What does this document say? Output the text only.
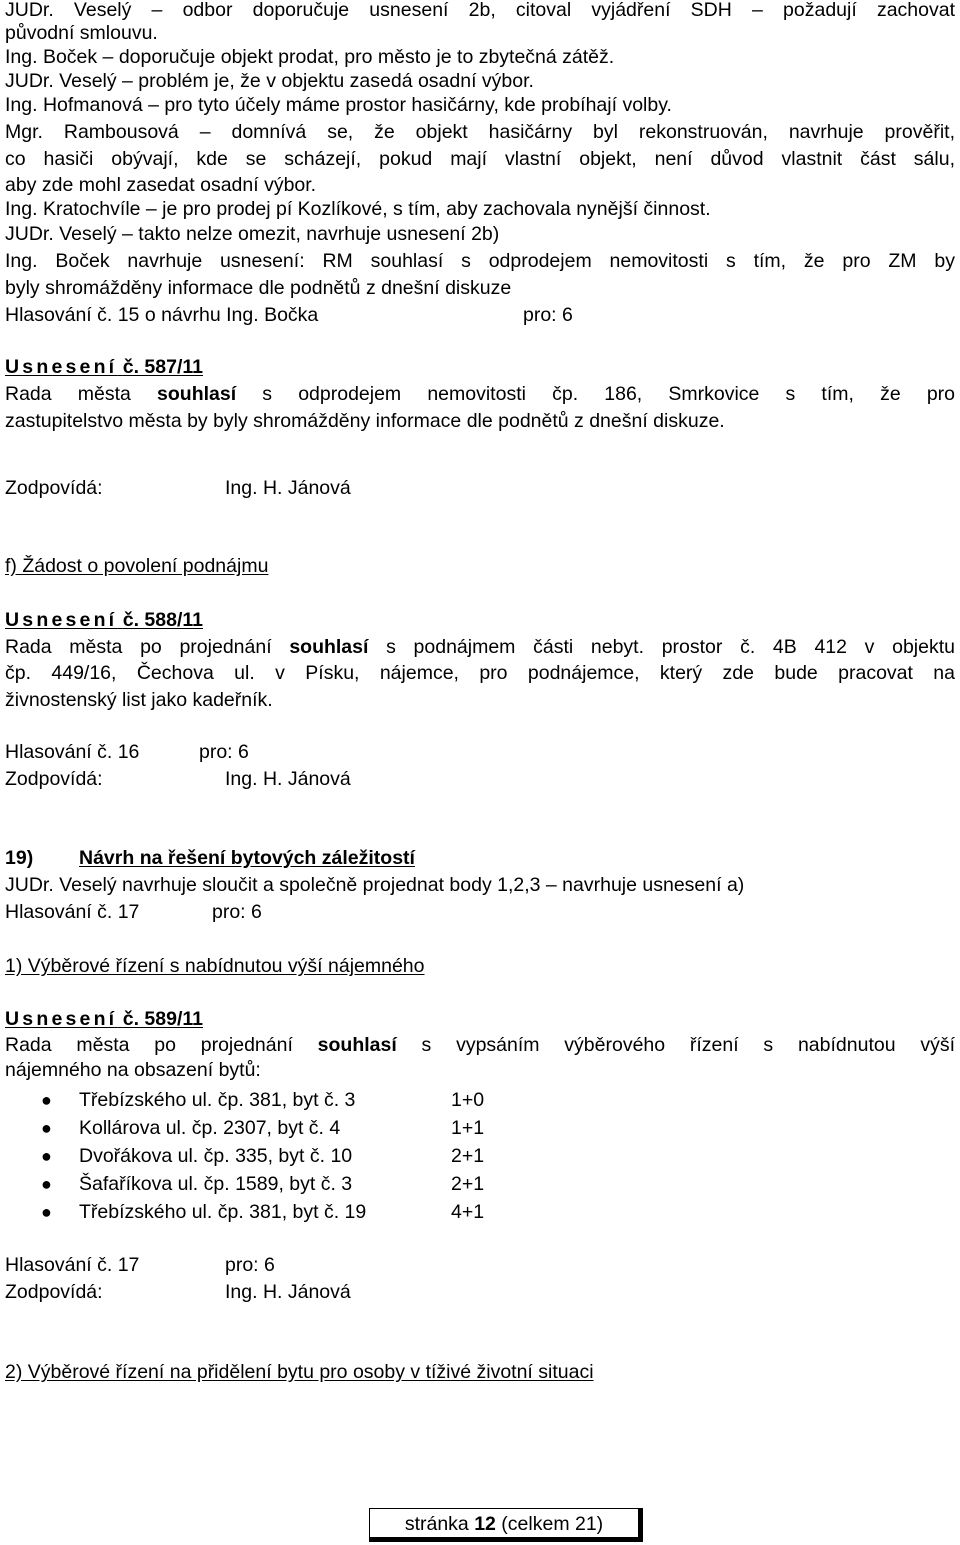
JUDr. Veselý – odbor doporučuje usnesení 2b, citoval vyjádření SDH – požadují zachovat
původní smlouvu.
Ing. Boček – doporučuje objekt prodat, pro město je to zbytečná zátěž.
JUDr. Veselý – problém je, že v objektu zasedá osadní výbor.
Ing. Hofmanová – pro tyto účely máme prostor hasičárny, kde probíhají volby.
Mgr. Rambousová – domnívá se, že objekt hasičárny byl rekonstruován, navrhuje prověřit,
co hasiči obývají, kde se scházejí, pokud mají vlastní objekt, není důvod vlastnit část sálu,
aby zde mohl zasedat osadní výbor.
Ing. Kratochvíle – je pro prodej pí Kozlíkové, s tím, aby zachovala nynější činnost.
JUDr. Veselý – takto nelze omezit, navrhuje usnesení 2b)
Ing. Boček navrhuje usnesení: RM souhlasí s odprodejem nemovitosti s tím, že pro ZM by
byly shromážděny informace dle podnětů z dnešní diskuze
Hlasování č. 15 o návrhu Ing. Bočka	pro: 6
Usnesení č. 587/11
Rada města souhlasí s odprodejem nemovitosti čp. 186, Smrkovice s tím, že pro
zastupitelstvo města by byly shromážděny informace dle podnětů z dnešní diskuze.
Zodpovídá:	Ing. H. Jánová
f) Žádost o povolení podnájmu
Usnesení č. 588/11
Rada města po projednání souhlasí s podnájmem části nebyt. prostor č. 4B 412 v objektu
čp. 449/16, Čechova ul. v Písku, nájemce, pro podnájemce, který zde bude pracovat na
živnostenský list jako kadeřník.
Hlasování č. 16	pro: 6
Zodpovídá:	Ing. H. Jánová
19) Návrh na řešení bytových záležitostí
JUDr. Veselý navrhuje sloučit a společně projednat body 1,2,3 – navrhuje usnesení a)
Hlasování č. 17	pro: 6
1) Výběrové řízení s nabídnutou výší nájemného
Usnesení č. 589/11
Rada města po projednání souhlasí s vypsáním výběrového řízení s nabídnutou výší
nájemného na obsazení bytů:
● Třebízského ul. čp. 381, byt č. 3	1+0
● Kollárova ul. čp. 2307, byt č. 4	1+1
● Dvořákova ul. čp. 335, byt č. 10	2+1
● Šafaříkova ul. čp. 1589, byt č. 3	2+1
● Třebízského ul. čp. 381, byt č. 19	4+1
Hlasování č. 17	pro: 6
Zodpovídá:	Ing. H. Jánová
2) Výběrové řízení na přidělení bytu pro osoby v tíživé životní situaci
stránka 12 (celkem 21)
